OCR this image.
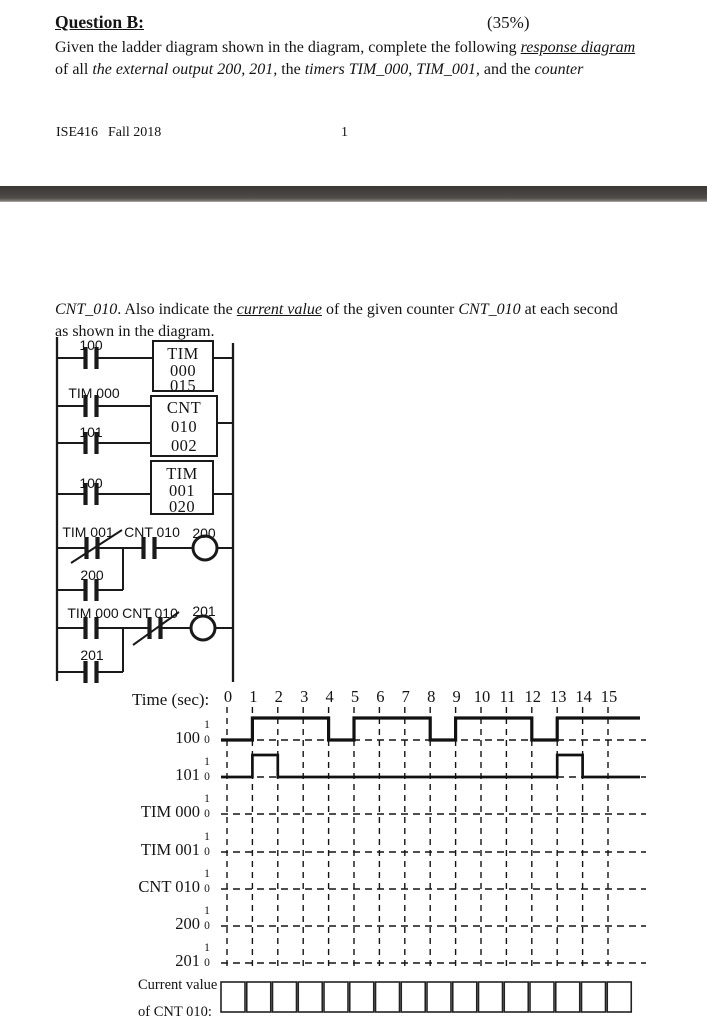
Question B:	(35%)
Given the ladder diagram shown in the diagram, complete the following response diagram
of all the external output 200, 201, the timers TIM_000, TIM_001, and the counter
ISE416 Fall 2018	1
CNT_010. Also indicate the current value of the given counter CNT_010 at each second
as shown in the diagram.
Time (sec):
Current value
of CNT 010:
100	TIM
000
015
TIM 000
101
CNT
010
002
100	TIM
001
020
TIM 001 CNT 010 200
200
TIM 000 CNT 010 201
201
0 1 2 3 4 5 6 7 8 9 10 11 12 13 14 15
100
1
0
101
1
0
TIM 000
1
0
TIM 001
1
0
CNT 010
1
0
200
1
0
201
1
0
